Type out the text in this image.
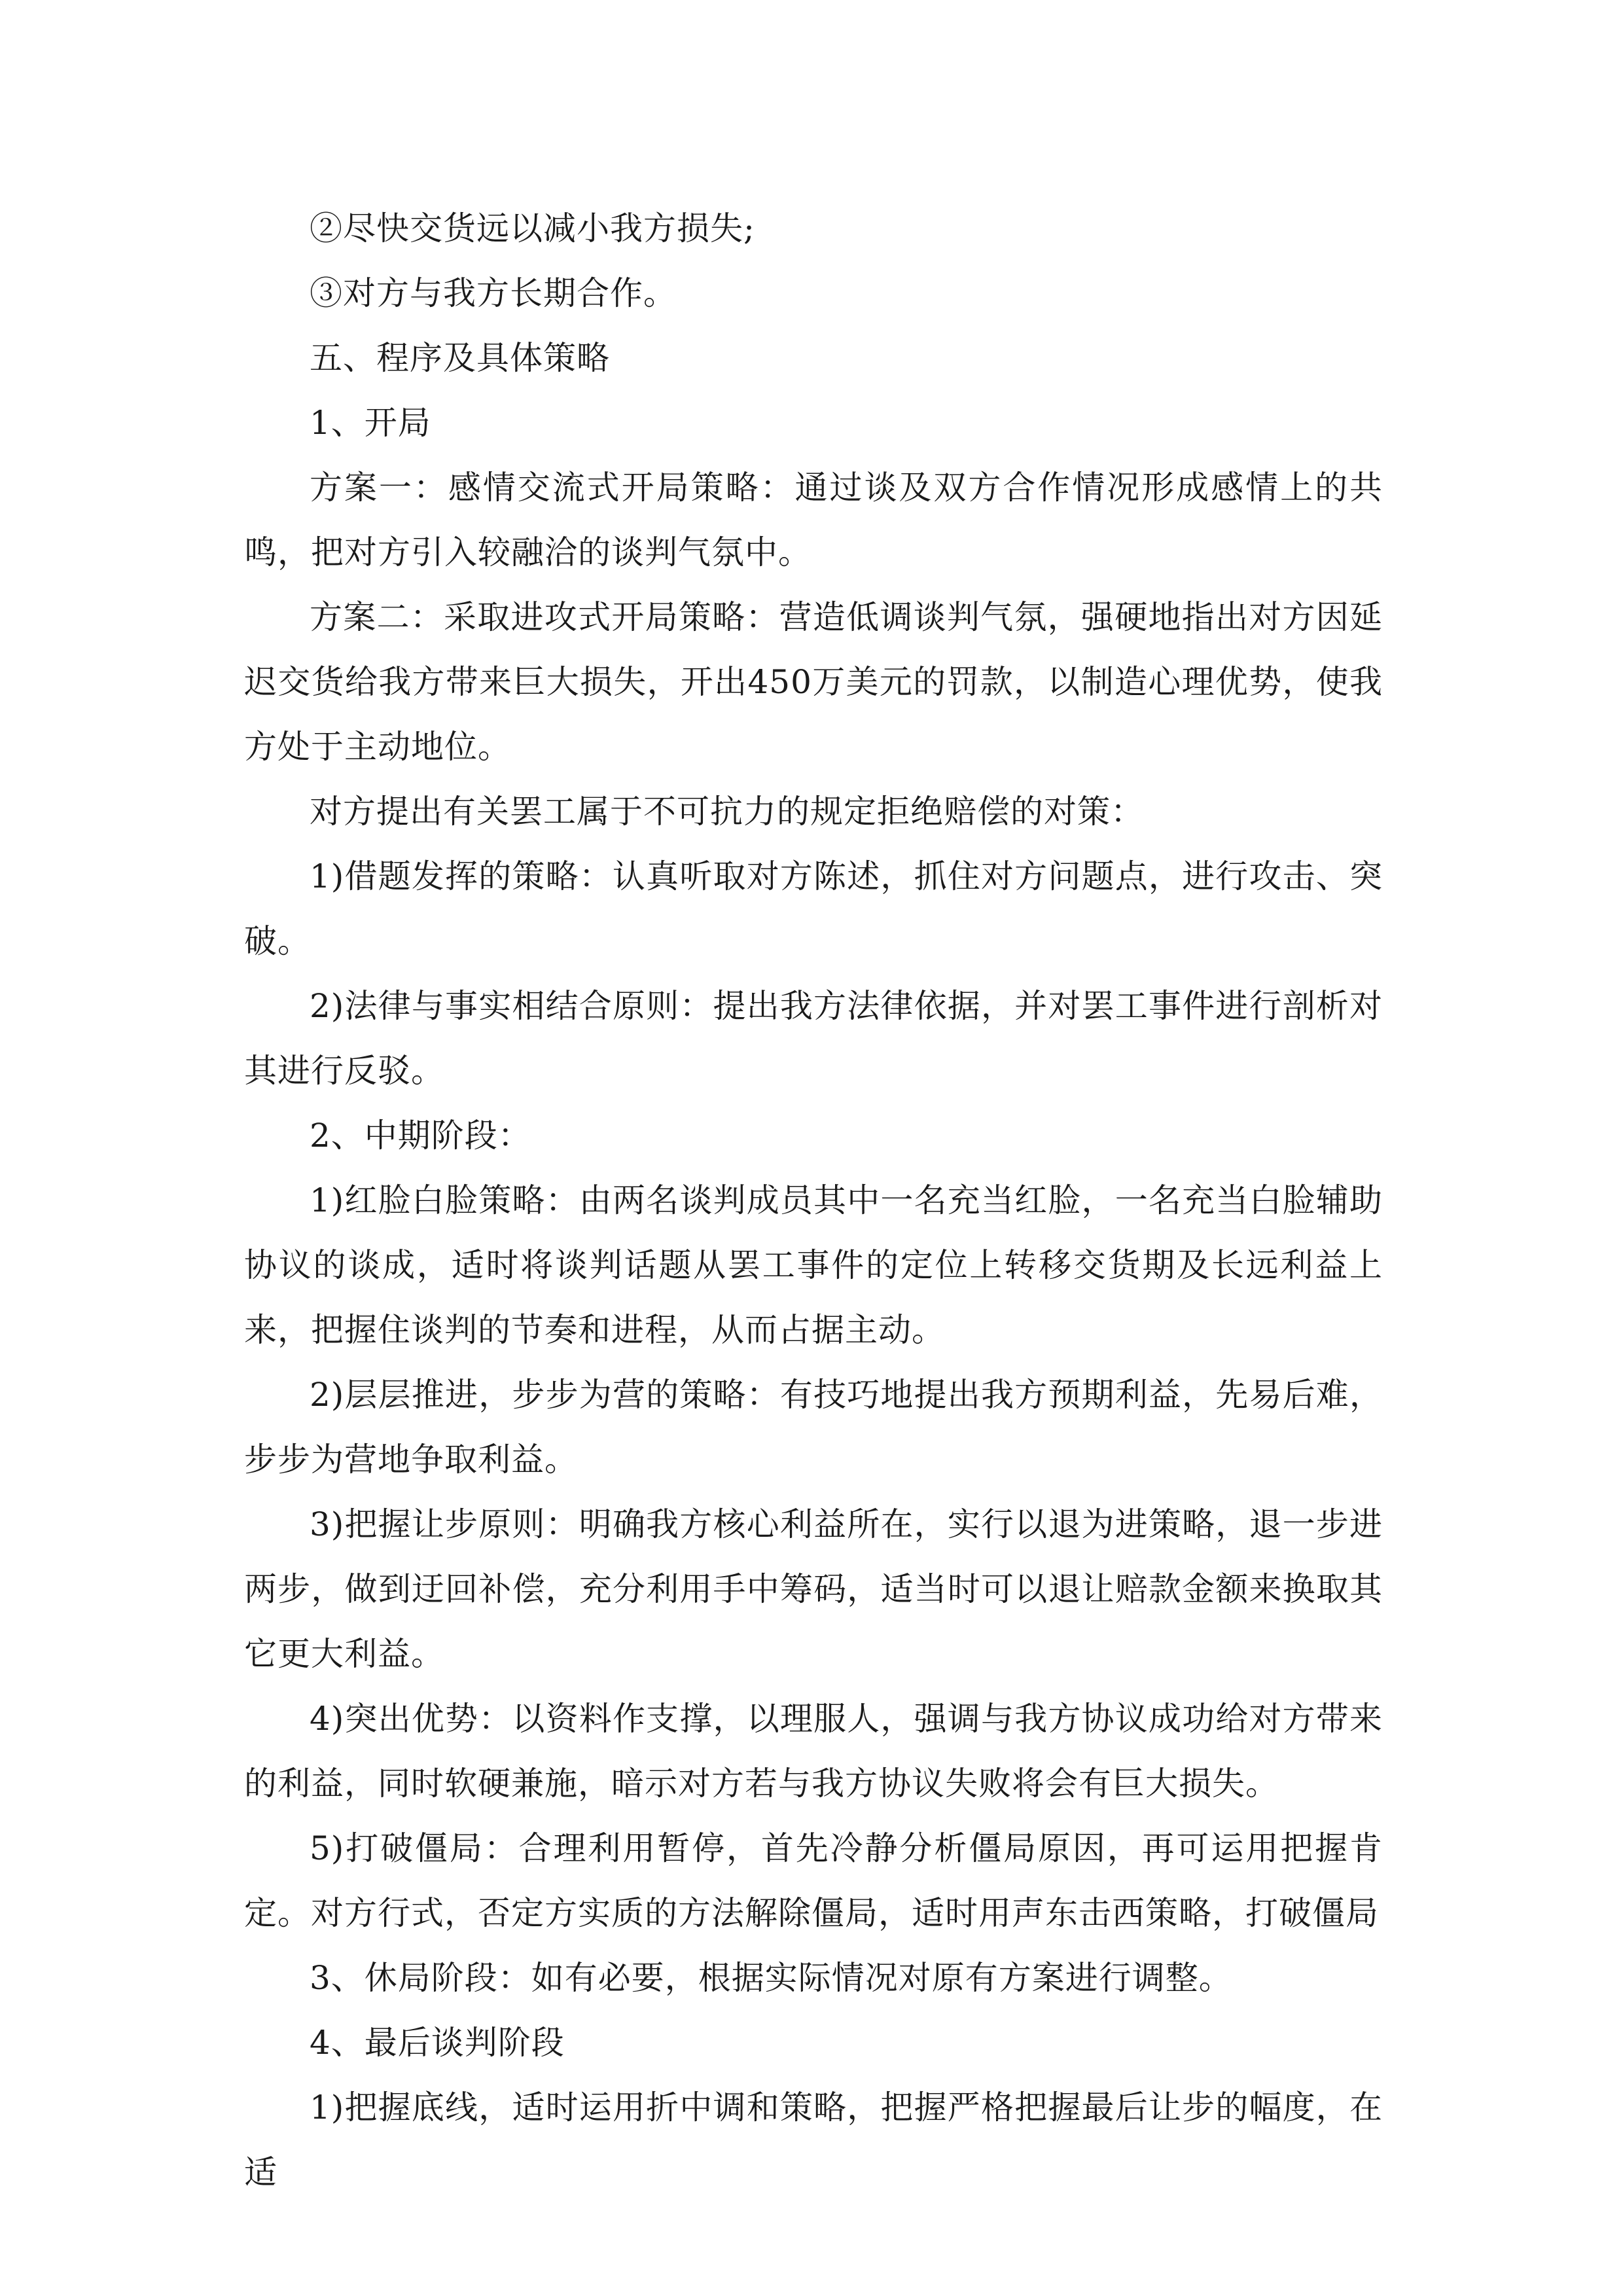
②尽快交货远以减小我方损失;

③对方与我方长期合作。

五、程序及具体策略

1、开局

方案一：感情交流式开局策略：通过谈及双方合作情况形成感情上的共鸣，把对方引入较融洽的谈判气氛中。

方案二：采取进攻式开局策略：营造低调谈判气氛，强硬地指出对方因延迟交货给我方带来巨大损失，开出450万美元的罚款，以制造心理优势，使我方处于主动地位。

对方提出有关罢工属于不可抗力的规定拒绝赔偿的对策：

1)借题发挥的策略：认真听取对方陈述，抓住对方问题点，进行攻击、突破。

2)法律与事实相结合原则：提出我方法律依据，并对罢工事件进行剖析对其进行反驳。

2、中期阶段：

1)红脸白脸策略：由两名谈判成员其中一名充当红脸，一名充当白脸辅助协议的谈成，适时将谈判话题从罢工事件的定位上转移交货期及长远利益上来，把握住谈判的节奏和进程，从而占据主动。

2)层层推进，步步为营的策略：有技巧地提出我方预期利益，先易后难，步步为营地争取利益。

3)把握让步原则：明确我方核心利益所在，实行以退为进策略，退一步进两步，做到迂回补偿，充分利用手中筹码，适当时可以退让赔款金额来换取其它更大利益。

4)突出优势：以资料作支撑，以理服人，强调与我方协议成功给对方带来的利益，同时软硬兼施，暗示对方若与我方协议失败将会有巨大损失。

5)打破僵局：合理利用暂停，首先冷静分析僵局原因，再可运用把握肯定。对方行式，否定方实质的方法解除僵局，适时用声东击西策略，打破僵局

3、休局阶段：如有必要，根据实际情况对原有方案进行调整。

4、最后谈判阶段

1)把握底线，适时运用折中调和策略，把握严格把握最后让步的幅度，在适
